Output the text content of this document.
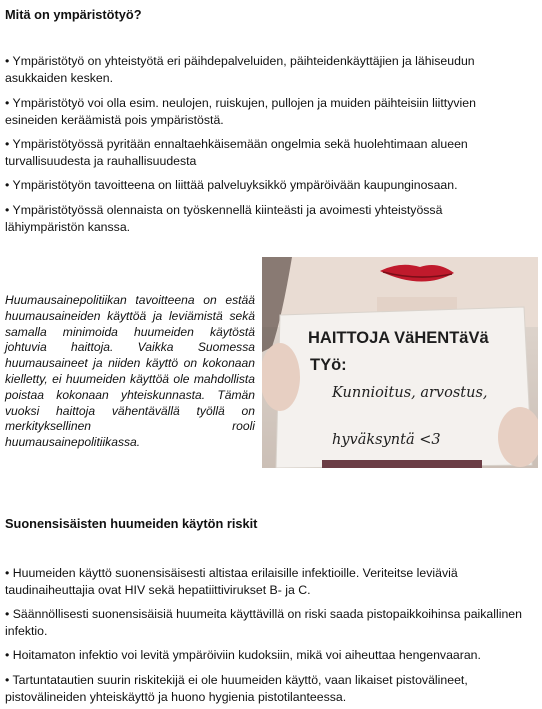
Mitä on ympäristötyö?

• Ympäristötyö on yhteistyötä eri päihdepalveluiden, päihteidenkäyttäjien ja lähiseudun asukkaiden kesken.

• Ympäristötyö voi olla esim. neulojen, ruiskujen, pullojen ja muiden päihteisiin liittyvien esineiden keräämistä pois ympäristöstä.

• Ympäristötyössä pyritään ennaltaehkäisemään ongelmia sekä huolehtimaan alueen turvallisuudesta ja rauhallisuudesta

• Ympäristötyön tavoitteena on liittää palveluyksikkö ympäröivään kaupunginosaan.

• Ympäristötyössä olennaista on työskennellä kiinteästi ja avoimesti yhteistyössä lähiympäristön kanssa.

Huumausainepolitiikan tavoitteena on estää huumausaineiden käyttöä ja leviämistä sekä samalla minimoida huumeiden käytöstä johtuvia haittoja. Vaikka Suomessa huumausaineet ja niiden käyttö on kokonaan kielletty, ei huumeiden käyttöä ole mahdollista poistaa kokonaan yhteiskunnasta. Tämän vuoksi haittoja vähentävällä työllä on merkityksellinen rooli huumausainepolitiikassa.

HAITTOJA VäHENTäVä
TYö:
Kunnioitus, arvostus,
hyväksyntä <3
Suonensisäisten huumeiden käytön riskit

• Huumeiden käyttö suonensisäisesti altistaa erilaisille infektioille. Veriteitse leviäviä taudinaiheuttajia ovat HIV sekä hepatiittivirukset B- ja C.

• Säännöllisesti suonensisäisiä huumeita käyttävillä on riski saada pistopaikkoihinsa paikallinen infektio.

• Hoitamaton infektio voi levitä ympäröiviin kudoksiin, mikä voi aiheuttaa hengenvaaran.

• Tartuntatautien suurin riskitekijä ei ole huumeiden käyttö, vaan likaiset pistovälineet, pistovälineiden yhteiskäyttö ja huono hygienia pistotilanteessa.
